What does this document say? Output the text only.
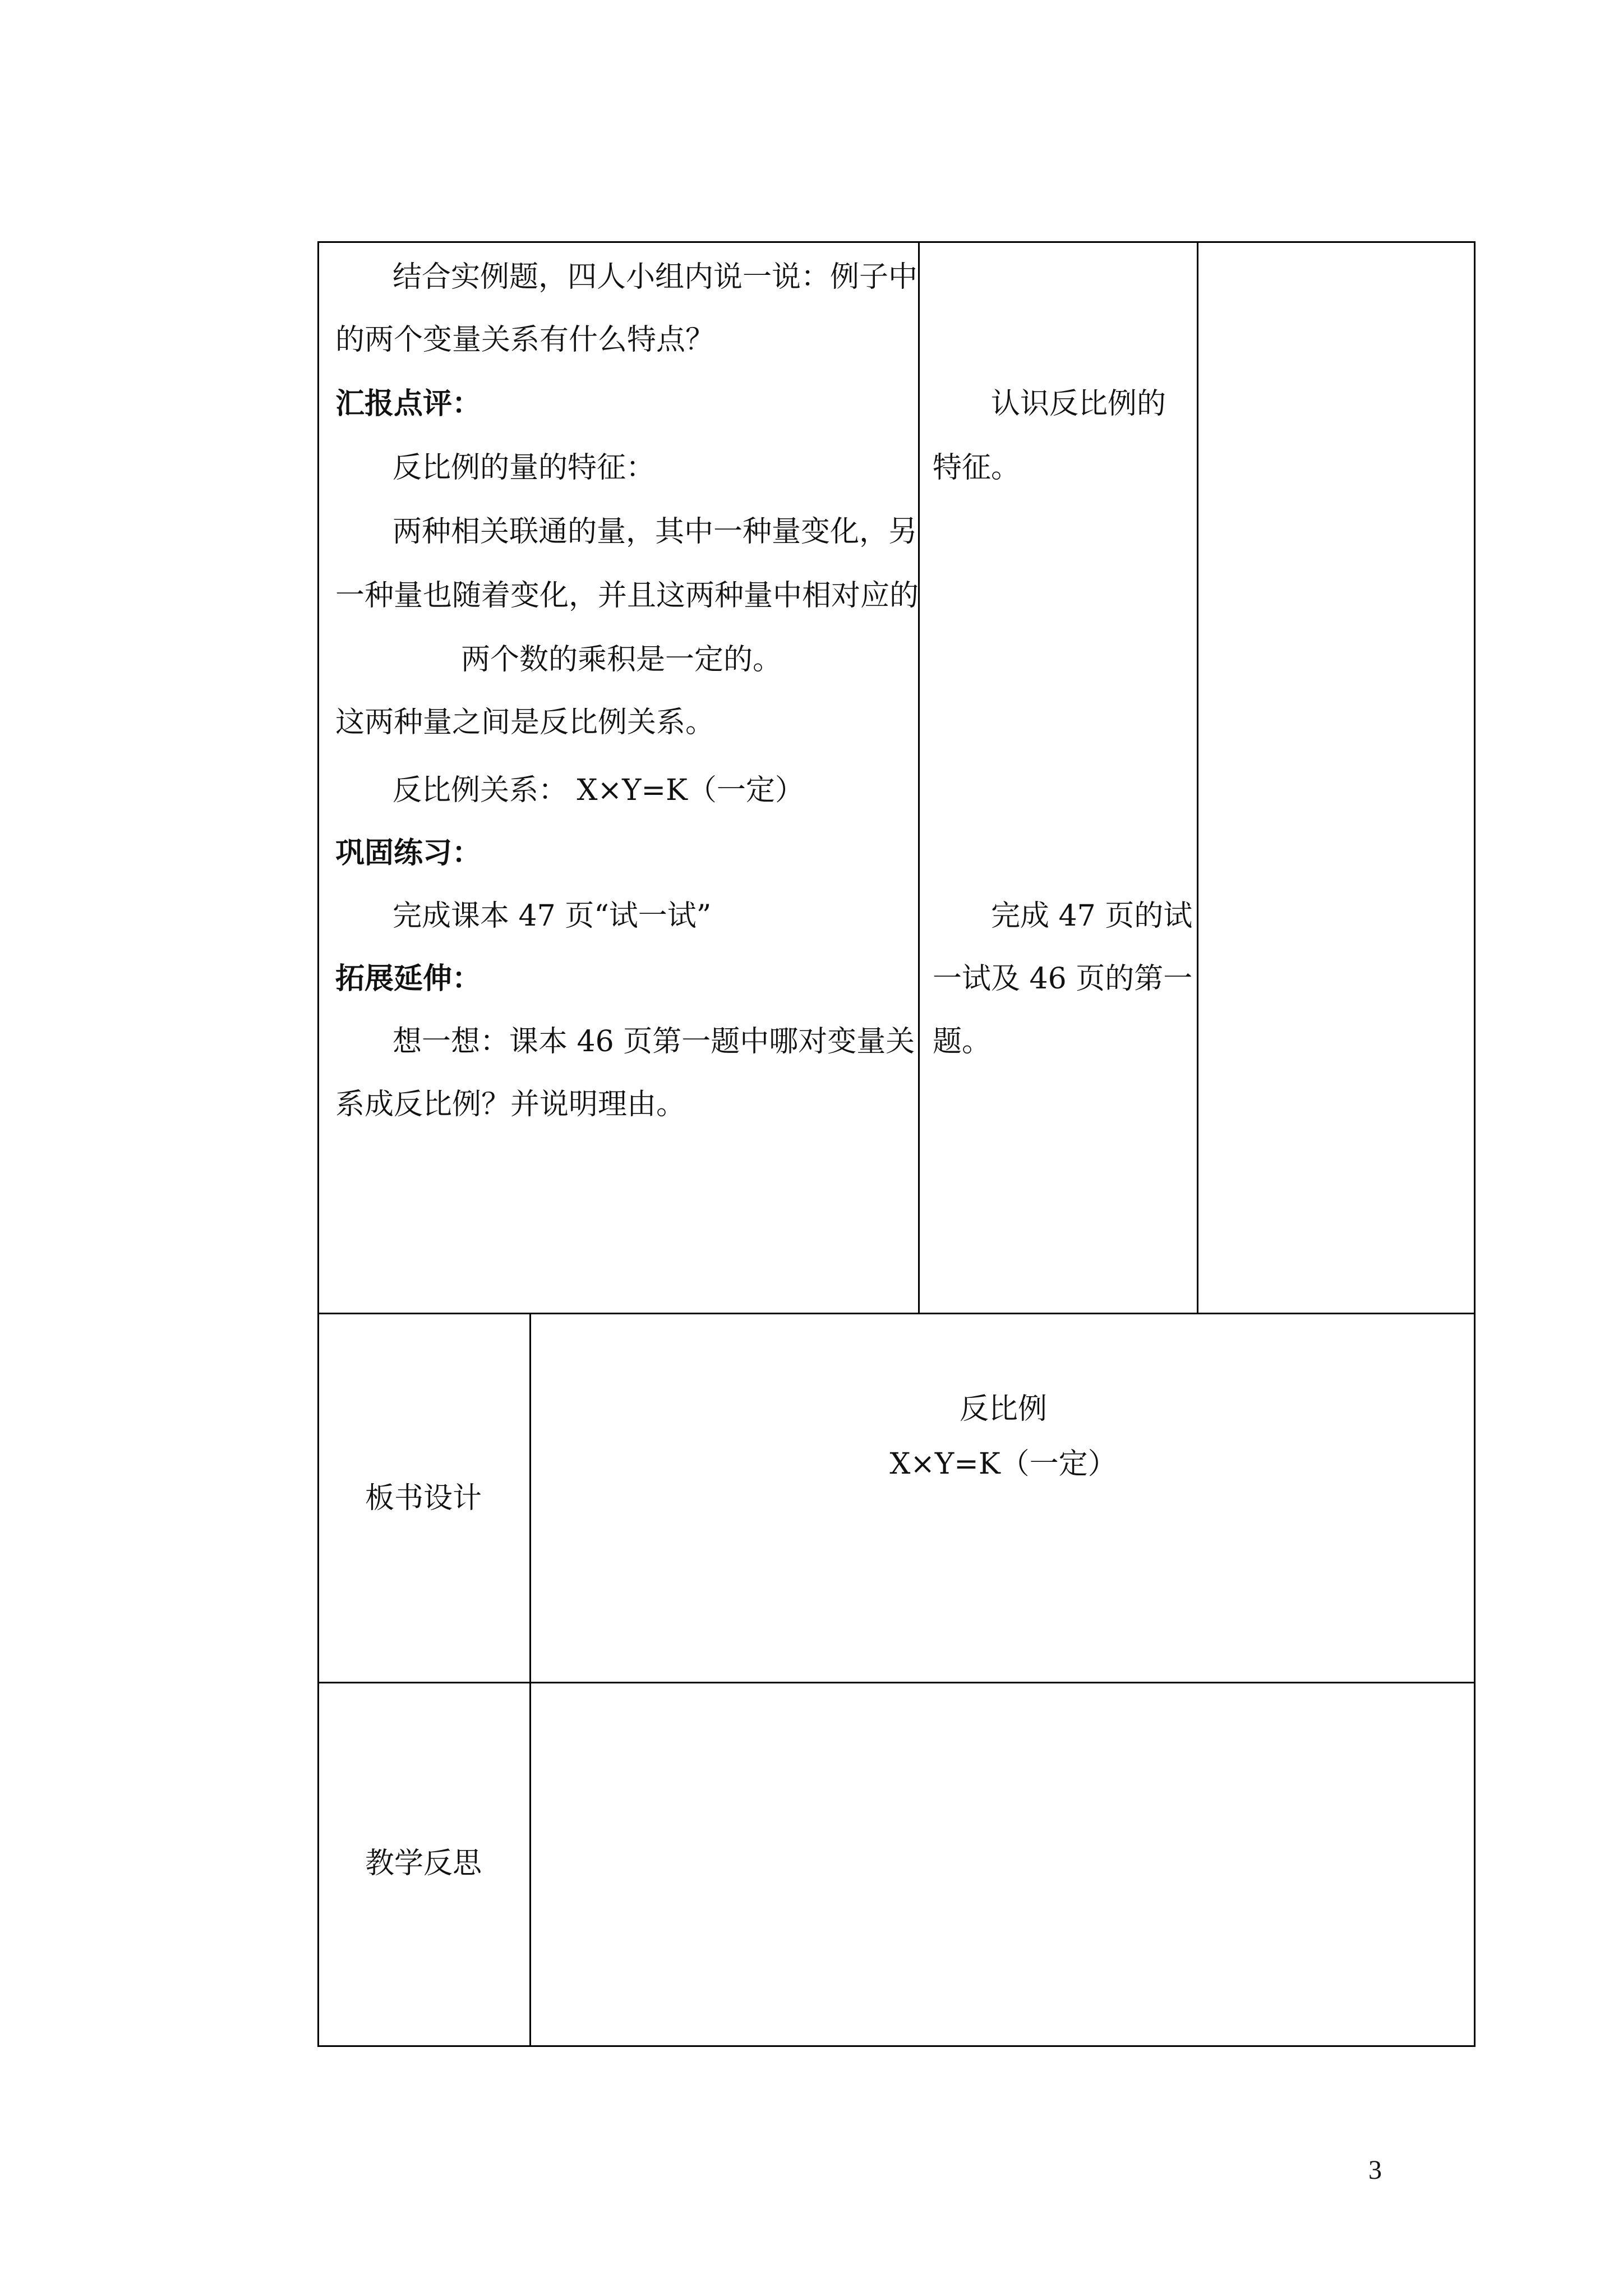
结合实例题，四人小组内说一说：例子中
的两个变量关系有什么特点？
汇报点评：
反比例的量的特征：
两种相关联通的量，其中一种量变化，另
一种量也随着变化，并且这两种量中相对应的
两个数的乘积是一定的。
这两种量之间是反比例关系。
反比例关系： X×Y=K（一定）
巩固练习：
完成课本 47 页“试一试”
拓展延伸：
想一想：课本 46 页第一题中哪对变量关
系成反比例？并说明理由。
认识反比例的
特征。
完成 47 页的试
一试及 46 页的第一
题。
板书设计
反比例
X×Y=K（一定）
教学反思
3
